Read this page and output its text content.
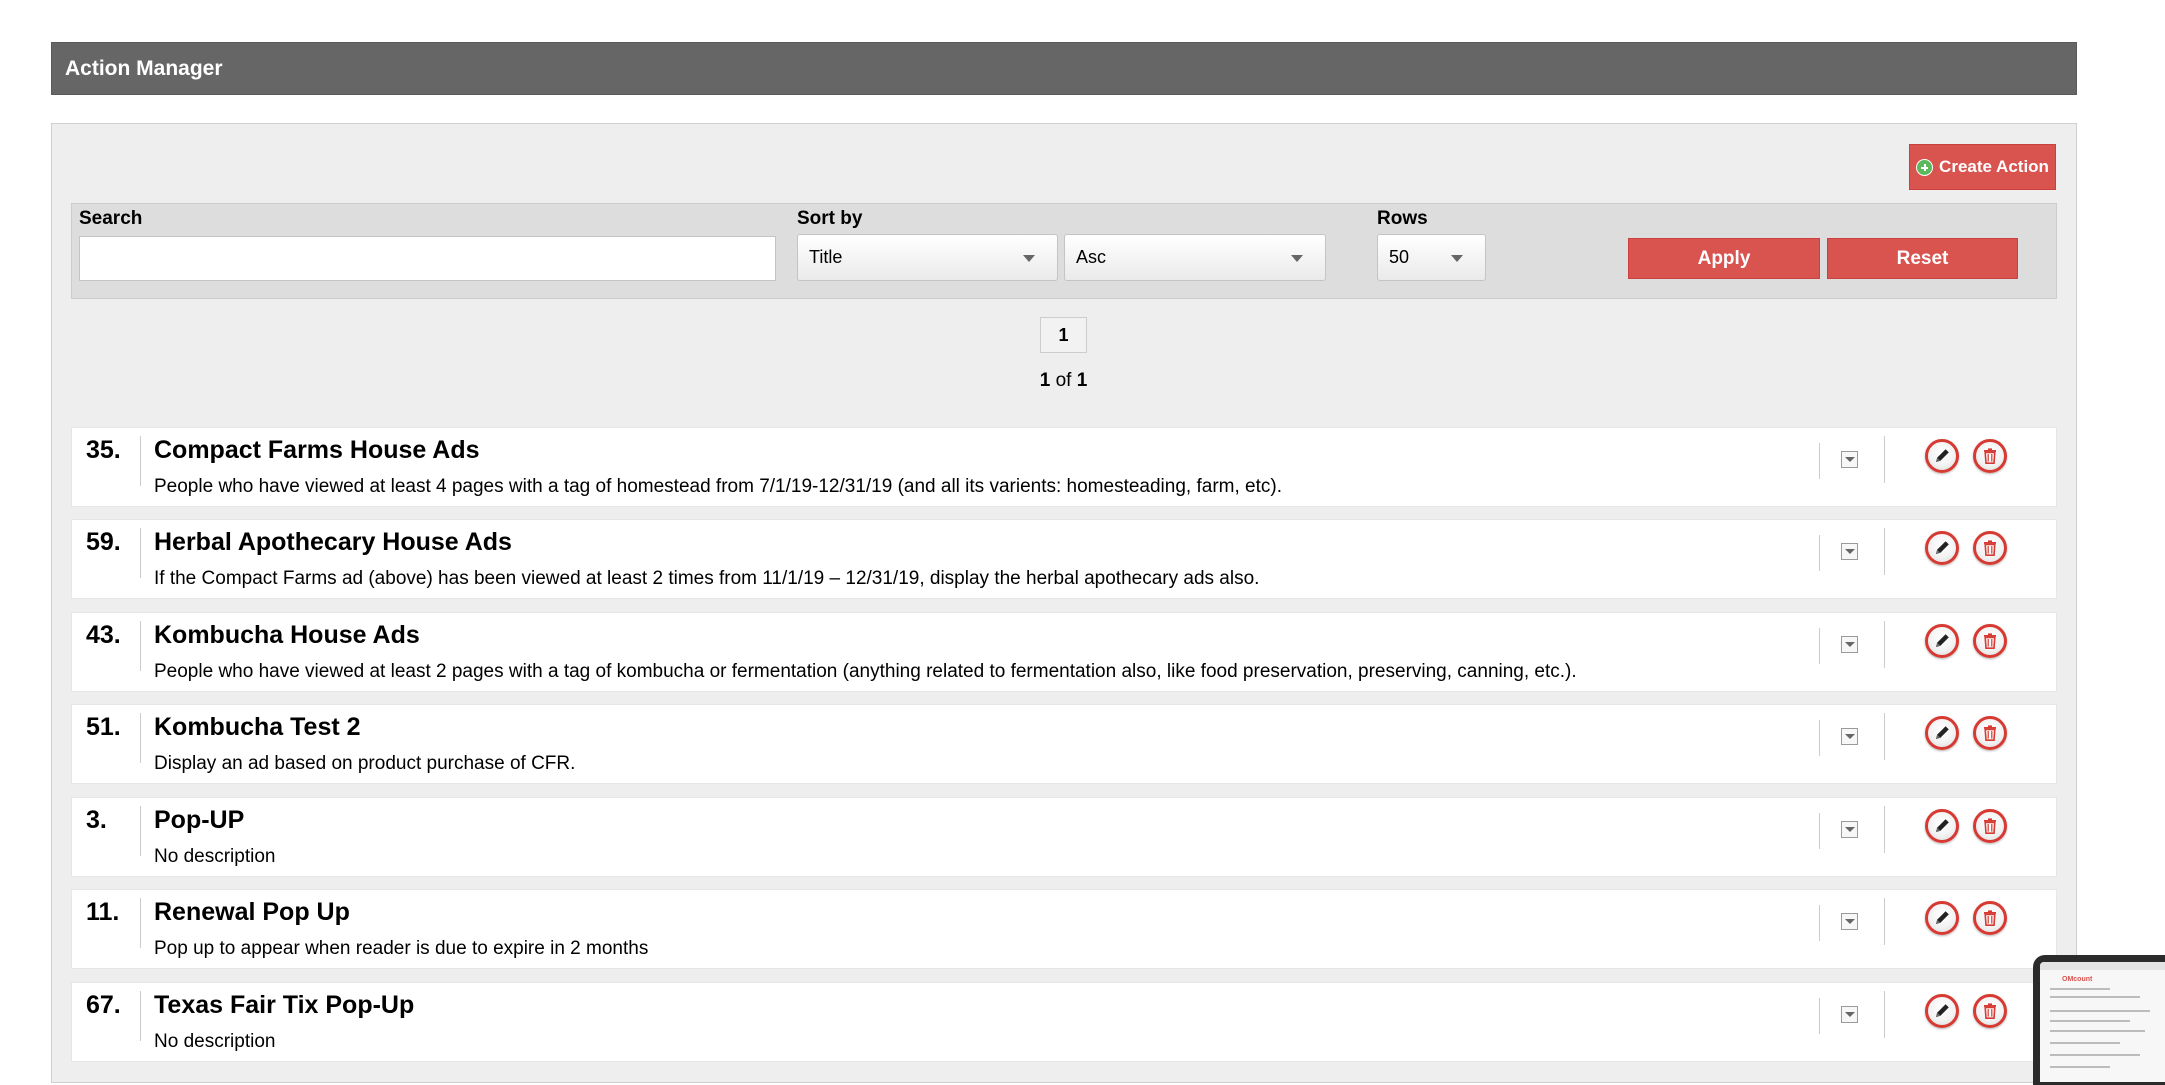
Action Manager
Create Action
Search	Sort by
Title	Asc
Rows
50	Apply	Reset
1
1 of 1
35. Compact Farms House Ads
People who have viewed at least 4 pages with a tag of homestead from 7/1/19-12/31/19 (and all its varients: homesteading, farm, etc).
59. Herbal Apothecary House Ads
If the Compact Farms ad (above) has been viewed at least 2 times from 11/1/19 – 12/31/19, display the herbal apothecary ads also.
43. Kombucha House Ads
People who have viewed at least 2 pages with a tag of kombucha or fermentation (anything related to fermentation also, like food preservation, preserving, canning, etc.).
51. Kombucha Test 2
Display an ad based on product purchase of CFR.
3. Pop-UP
No description
11. Renewal Pop Up
Pop up to appear when reader is due to expire in 2 months
67. Texas Fair Tix Pop-Up
No description
OMcount
